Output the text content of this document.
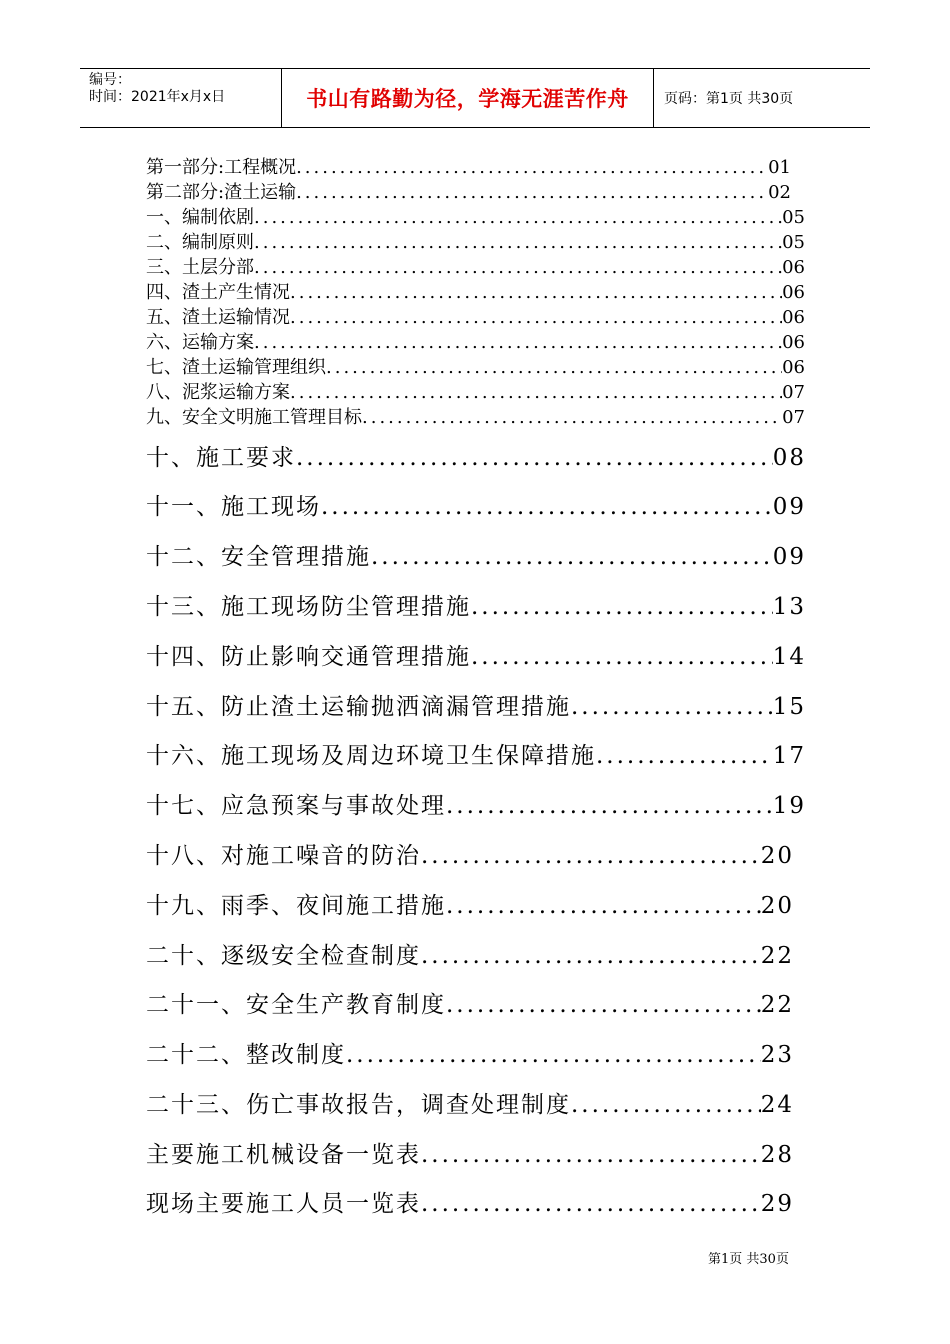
编号：
时间：2021年x月x日	书山有路勤为径，学海无涯苦作舟	页码：第1页 共30页
第一部分:工程概况 .....	01
第二部分:渣土运输 .....	02
一、编制依剧 .....	05
二、编制原则 .....	05
三、土层分部 .....	06
四、渣土产生情况 .....	06
五、渣土运输情况 .....	06
六、运输方案 .....	06
七、渣土运输管理组织 .....	06
八、泥浆运输方案 .....	07
九、安全文明施工管理目标 .....	07
十、施工要求 .....	08
十一、施工现场 .....	09
十二、安全管理措施 .....	09
十三、施工现场防尘管理措施 .....	13
十四、防止影响交通管理措施 .....	14
十五、防止渣土运输抛洒滴漏管理措施 .....	15
十六、施工现场及周边环境卫生保障措施 .....	17
十七、应急预案与事故处理 .....	19
十八、对施工噪音的防治 .....	20
十九、雨季、夜间施工措施 .....	20
二十、逐级安全检查制度 .....	22
二十一、安全生产教育制度 .....	22
二十二、整改制度 .....	23
二十三、伤亡事故报告，调查处理制度 .....	24
主要施工机械设备一览表 .....	28
现场主要施工人员一览表 .....	29
第1页 共30页
